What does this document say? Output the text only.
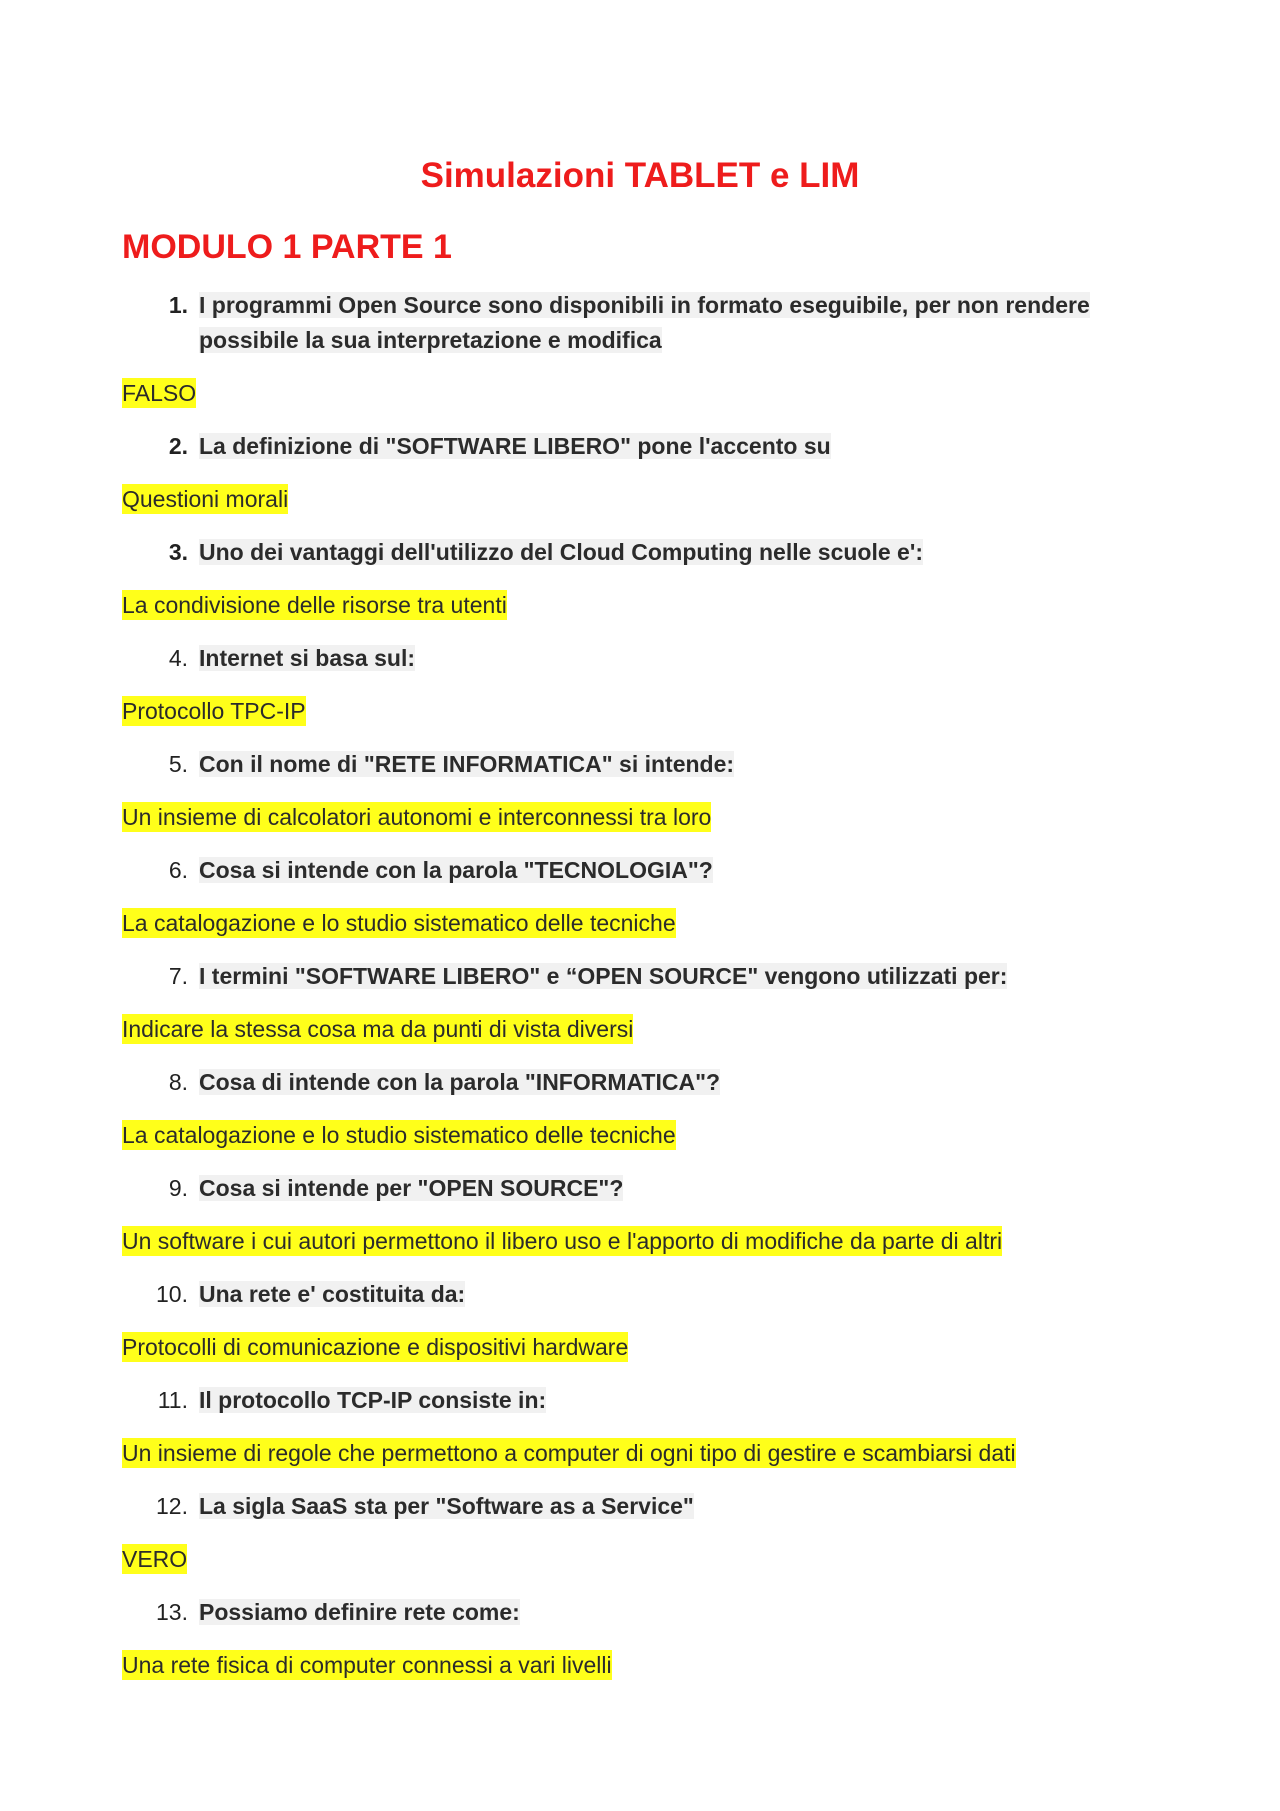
Simulazioni TABLET e LIM
MODULO 1 PARTE 1
1. I programmi Open Source sono disponibili in formato eseguibile, per non rendere possibile la sua interpretazione e modifica
FALSO
2. La definizione di "SOFTWARE LIBERO" pone l'accento su
Questioni morali
3. Uno dei vantaggi dell'utilizzo del Cloud Computing nelle scuole e':
La condivisione delle risorse tra utenti
4. Internet si basa sul:
Protocollo TPC-IP
5. Con il nome di "RETE INFORMATICA" si intende:
Un insieme di calcolatori autonomi e interconnessi tra loro
6. Cosa si intende con la parola "TECNOLOGIA"?
La catalogazione e lo studio sistematico delle tecniche
7. I termini "SOFTWARE LIBERO" e “OPEN SOURCE" vengono utilizzati per:
Indicare la stessa cosa ma da punti di vista diversi
8. Cosa di intende con la parola "INFORMATICA"?
La catalogazione e lo studio sistematico delle tecniche
9. Cosa si intende per "OPEN SOURCE"?
Un software i cui autori permettono il libero uso e l'apporto di modifiche da parte di altri
10. Una rete e' costituita da:
Protocolli di comunicazione e dispositivi hardware
11. Il protocollo TCP-IP consiste in:
Un insieme di regole che permettono a computer di ogni tipo di gestire e scambiarsi dati
12. La sigla SaaS sta per "Software as a Service"
VERO
13. Possiamo definire rete come:
Una rete fisica di computer connessi a vari livelli
